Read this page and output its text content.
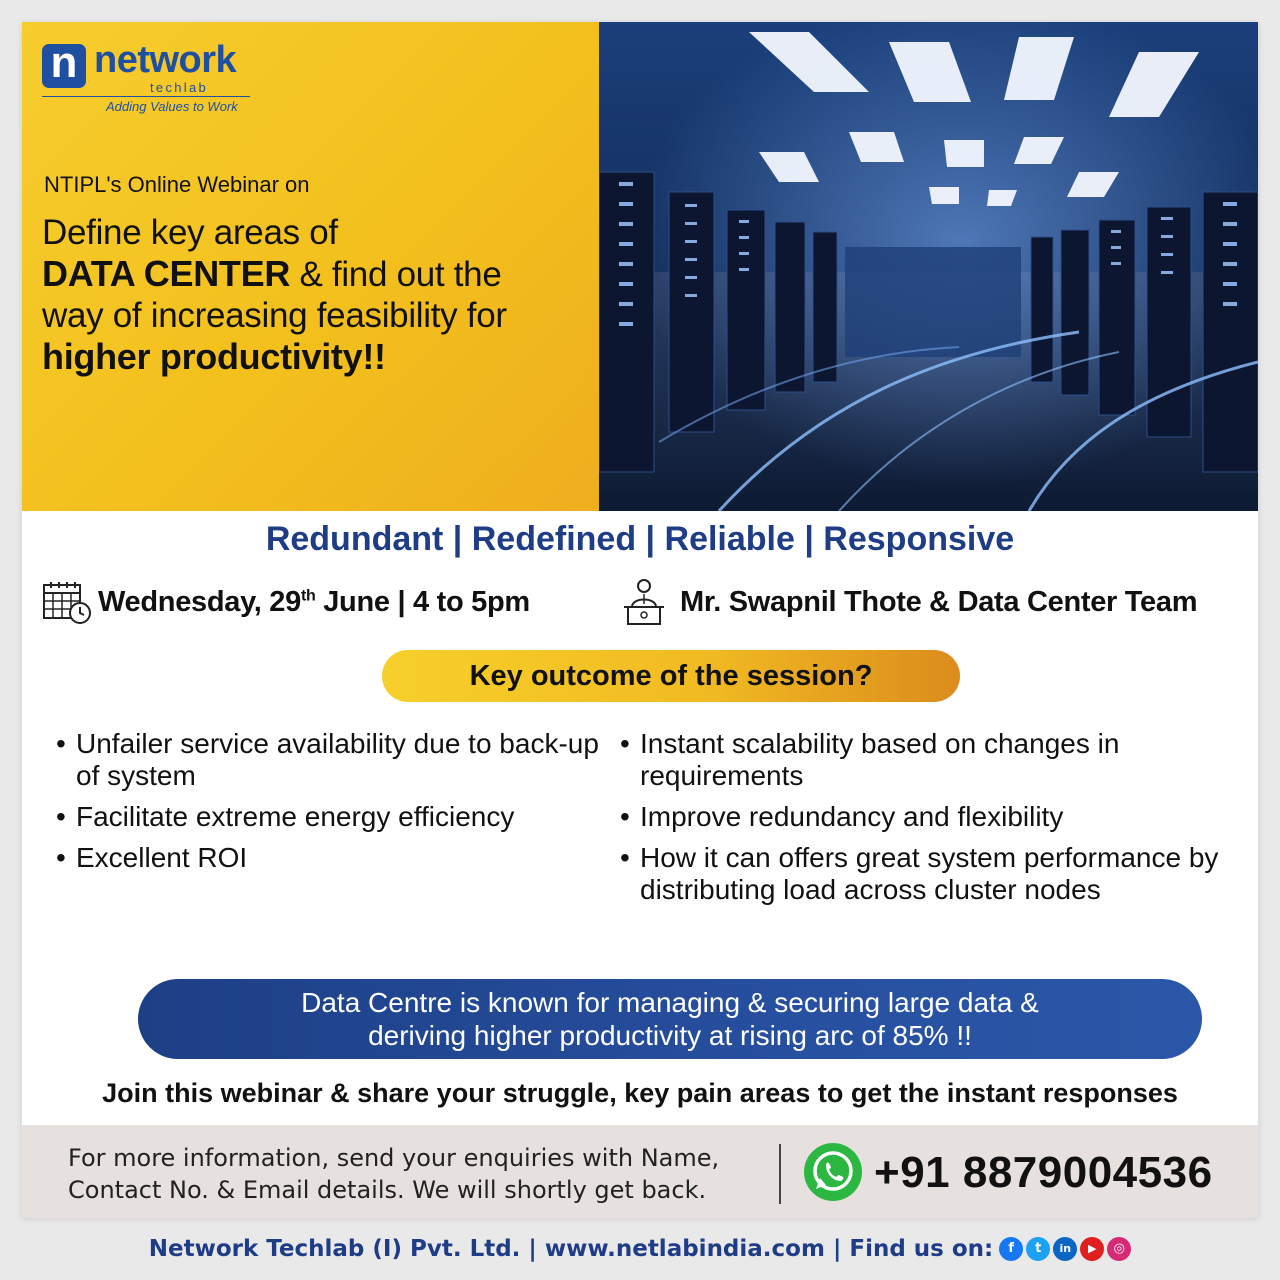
n network
techlab
Adding Values to Work
NTIPL's Online Webinar on
Define key areas of
DATA CENTER & find out the
way of increasing feasibility for
higher productivity!!
Redundant | Redefined | Reliable | Responsive
Wednesday, 29th June | 4 to 5pm	Mr. Swapnil Thote & Data Center Team
Key outcome of the session?
• Unfailer service availability due to back-up of system
• Facilitate extreme energy efficiency
• Excellent ROI
• Instant scalability based on changes in requirements
• Improve redundancy and flexibility
• How it can offers great system performance by distributing load across cluster nodes
Data Centre is known for managing & securing large data &
deriving higher productivity at rising arc of 85% !!
Join this webinar & share your struggle, key pain areas to get the instant responses
For more information, send your enquiries with Name,
Contact No. & Email details. We will shortly get back.	+91 8879004536
Network Techlab (I) Pvt. Ltd. | www.netlabindia.com | Find us on:	f	t	in	▶	◎
